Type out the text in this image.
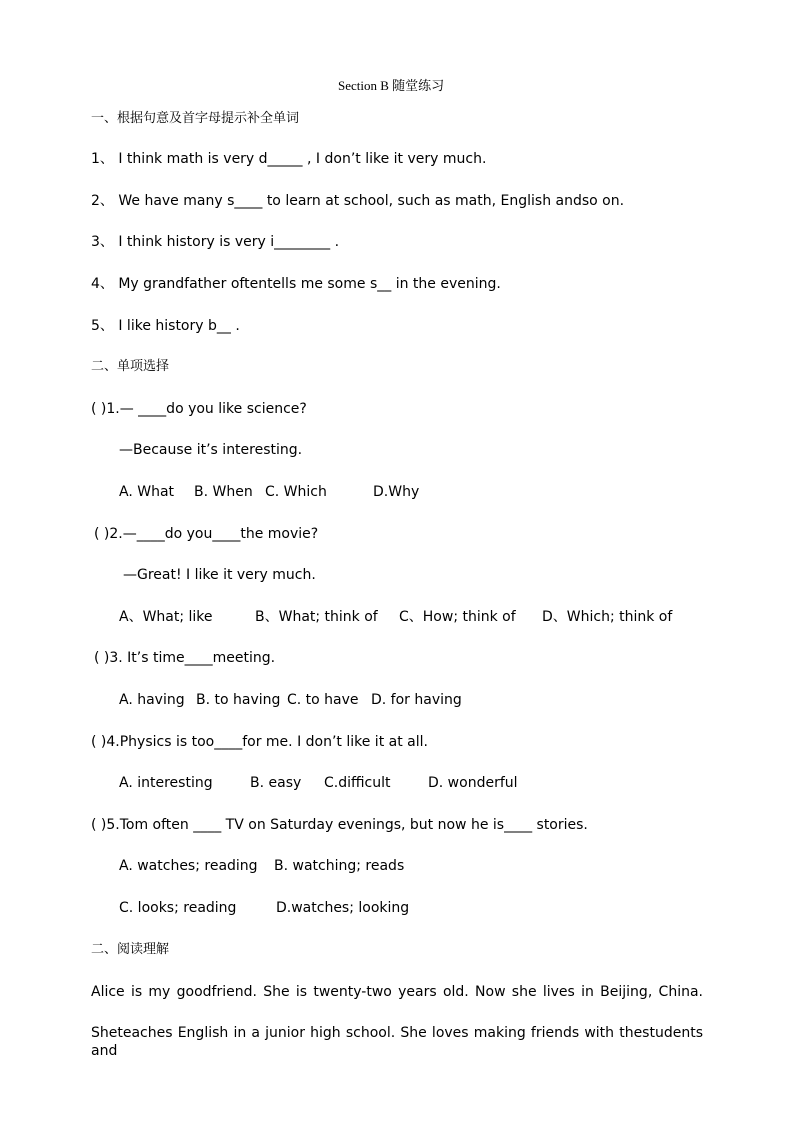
Section B 随堂练习
一、根据句意及首字母提示补全单词
1、 I think math is very d_____ , I don’t like it very much.
2、 We have many s____ to learn at school, such as math, English andso on.
3、 I think history is very i________ .
4、 My grandfather oftentells me some s__ in the evening.
5、 I like history b__ .
二、单项选择
( )1.— ____do you like science?
—Because it’s interesting.
A. What B. When C. Which	D.Why
( )2.—____do you____the movie?
—Great! I like it very much.
A、What; like	B、What; think of C、How; think of D、Which; think of
( )3. It’s time____meeting.
A. having B. to having C. to have D. for having
( )4.Physics is too____for me. I don’t like it at all.
A. interesting	B. easy C.difficult	D. wonderful
( )5.Tom often ____ TV on Saturday evenings, but now he is____ stories.
A. watches; reading B. watching; reads
C. looks; reading	D.watches; looking
二、阅读理解
Alice is my goodfriend. She is twenty-two years old. Now she lives in Beijing, China.
Sheteaches English in a junior high school. She loves making friends with thestudents and
